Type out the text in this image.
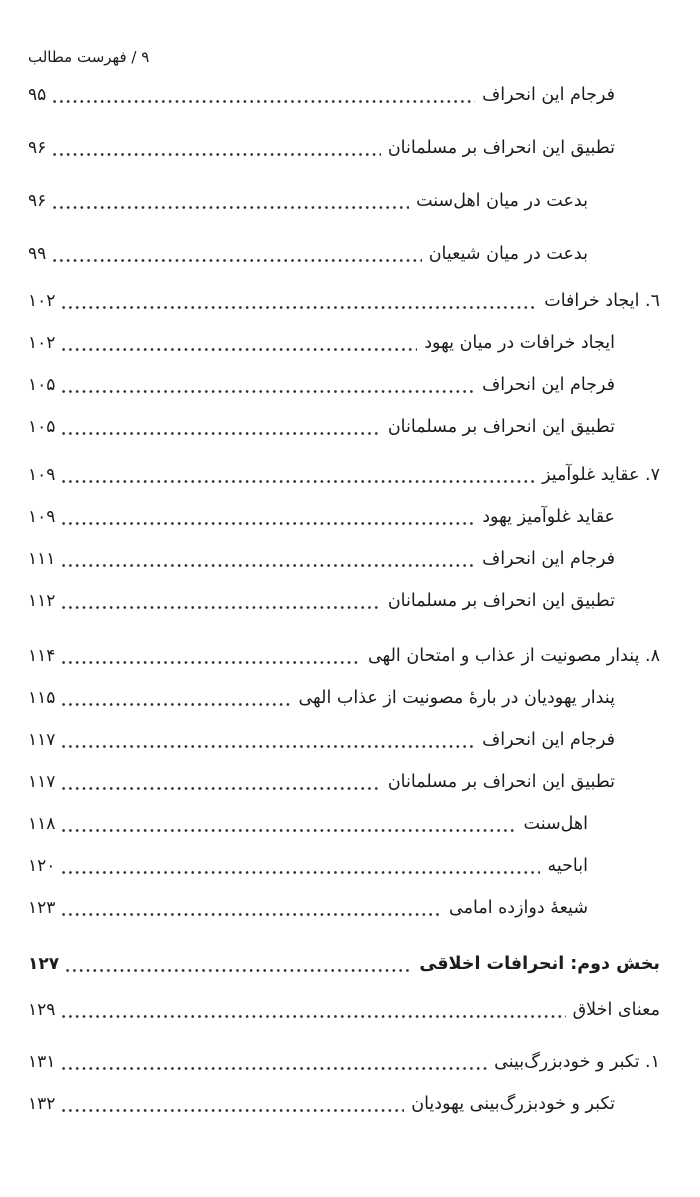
۹ / فهرست مطالب
فرجام این انحراف
۹۵
تطبیق این انحراف بر مسلمانان
۹۶
بدعت در میان اهل‌سنت
۹۶
بدعت در میان شیعیان
۹۹
٦. ایجاد خرافات
۱۰۲
ایجاد خرافات در میان یهود
۱۰۲
فرجام این انحراف
۱۰۵
تطبیق این انحراف بر مسلمانان
۱۰۵
٧. عقاید غلوآمیز
۱۰۹
عقاید غلوآمیز یهود
۱۰۹
فرجام این انحراف
۱۱۱
تطبیق این انحراف بر مسلمانان
۱۱۲
٨. پندار مصونیت از عذاب و امتحان الهی
۱۱۴
پندار یهودیان در بارهٔ مصونیت از عذاب الهی
۱۱۵
فرجام این انحراف
۱۱۷
تطبیق این انحراف بر مسلمانان
۱۱۷
اهل‌سنت
۱۱۸
اباحیه
۱۲۰
شیعهٔ دوازده امامی
۱۲۳
بخش دوم: انحرافات اخلاقی
۱۲۷
معنای اخلاق
۱۲۹
١. تکبر و خودبزرگ‌بینی
۱۳۱
تکبر و خودبزرگ‌بینی یهودیان
۱۳۲
